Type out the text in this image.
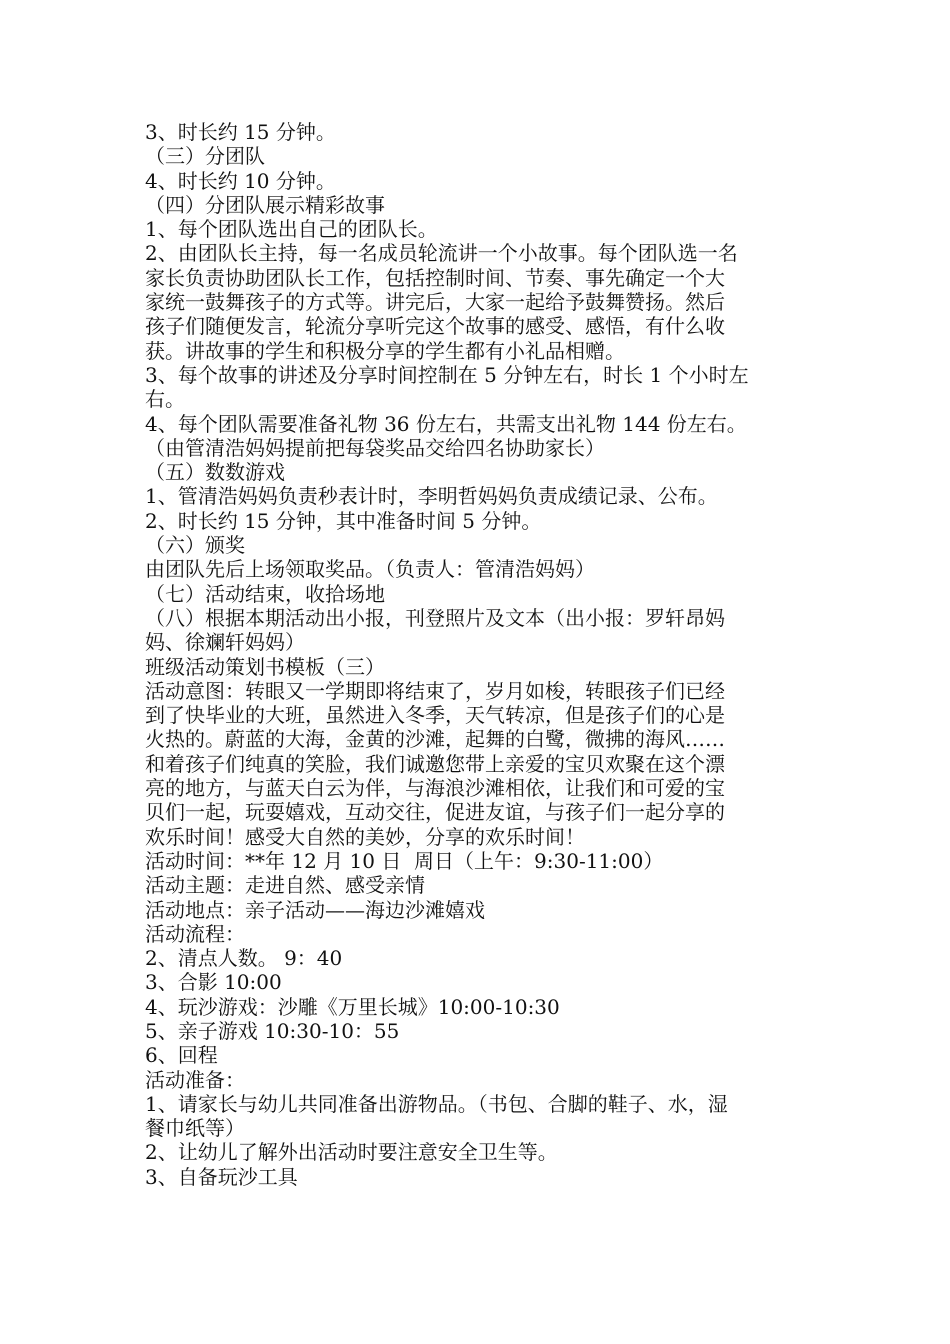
3、时长约 15 分钟。
（三）分团队
4、时长约 10 分钟。
（四）分团队展示精彩故事
1、每个团队选出自己的团队长。
2、由团队长主持，每一名成员轮流讲一个小故事。每个团队选一名
家长负责协助团队长工作，包括控制时间、节奏、事先确定一个大
家统一鼓舞孩子的方式等。讲完后，大家一起给予鼓舞赞扬。然后
孩子们随便发言，轮流分享听完这个故事的感受、感悟，有什么收
获。讲故事的学生和积极分享的学生都有小礼品相赠。
3、每个故事的讲述及分享时间控制在 5 分钟左右，时长 1 个小时左
右。
4、每个团队需要准备礼物 36 份左右，共需支出礼物 144 份左右。
（由管清浩妈妈提前把每袋奖品交给四名协助家长）
（五）数数游戏
1、管清浩妈妈负责秒表计时，李明哲妈妈负责成绩记录、公布。
2、时长约 15 分钟，其中准备时间 5 分钟。
（六）颁奖
由团队先后上场领取奖品。（负责人：管清浩妈妈）
（七）活动结束，收拾场地
（八）根据本期活动出小报，刊登照片及文本（出小报：罗轩昂妈
妈、徐斓轩妈妈）
班级活动策划书模板（三）
活动意图：转眼又一学期即将结束了，岁月如梭，转眼孩子们已经
到了快毕业的大班，虽然进入冬季，天气转凉，但是孩子们的心是
火热的。蔚蓝的大海，金黄的沙滩，起舞的白鹭，微拂的海风……
和着孩子们纯真的笑脸，我们诚邀您带上亲爱的宝贝欢聚在这个漂
亮的地方，与蓝天白云为伴，与海浪沙滩相依，让我们和可爱的宝
贝们一起，玩耍嬉戏，互动交往，促进友谊，与孩子们一起分享的
欢乐时间！感受大自然的美妙，分享的欢乐时间！
活动时间：**年 12 月 10 日  周日（上午：9:30-11:00）
活动主题：走进自然、感受亲情
活动地点：亲子活动——海边沙滩嬉戏
活动流程：
2、清点人数。 9：40
3、合影 10:00
4、玩沙游戏：沙雕《万里长城》10:00-10:30
5、亲子游戏 10:30-10：55
6、回程
活动准备：
1、请家长与幼儿共同准备出游物品。（书包、合脚的鞋子、水，湿
餐巾纸等）
2、让幼儿了解外出活动时要注意安全卫生等。
3、自备玩沙工具
